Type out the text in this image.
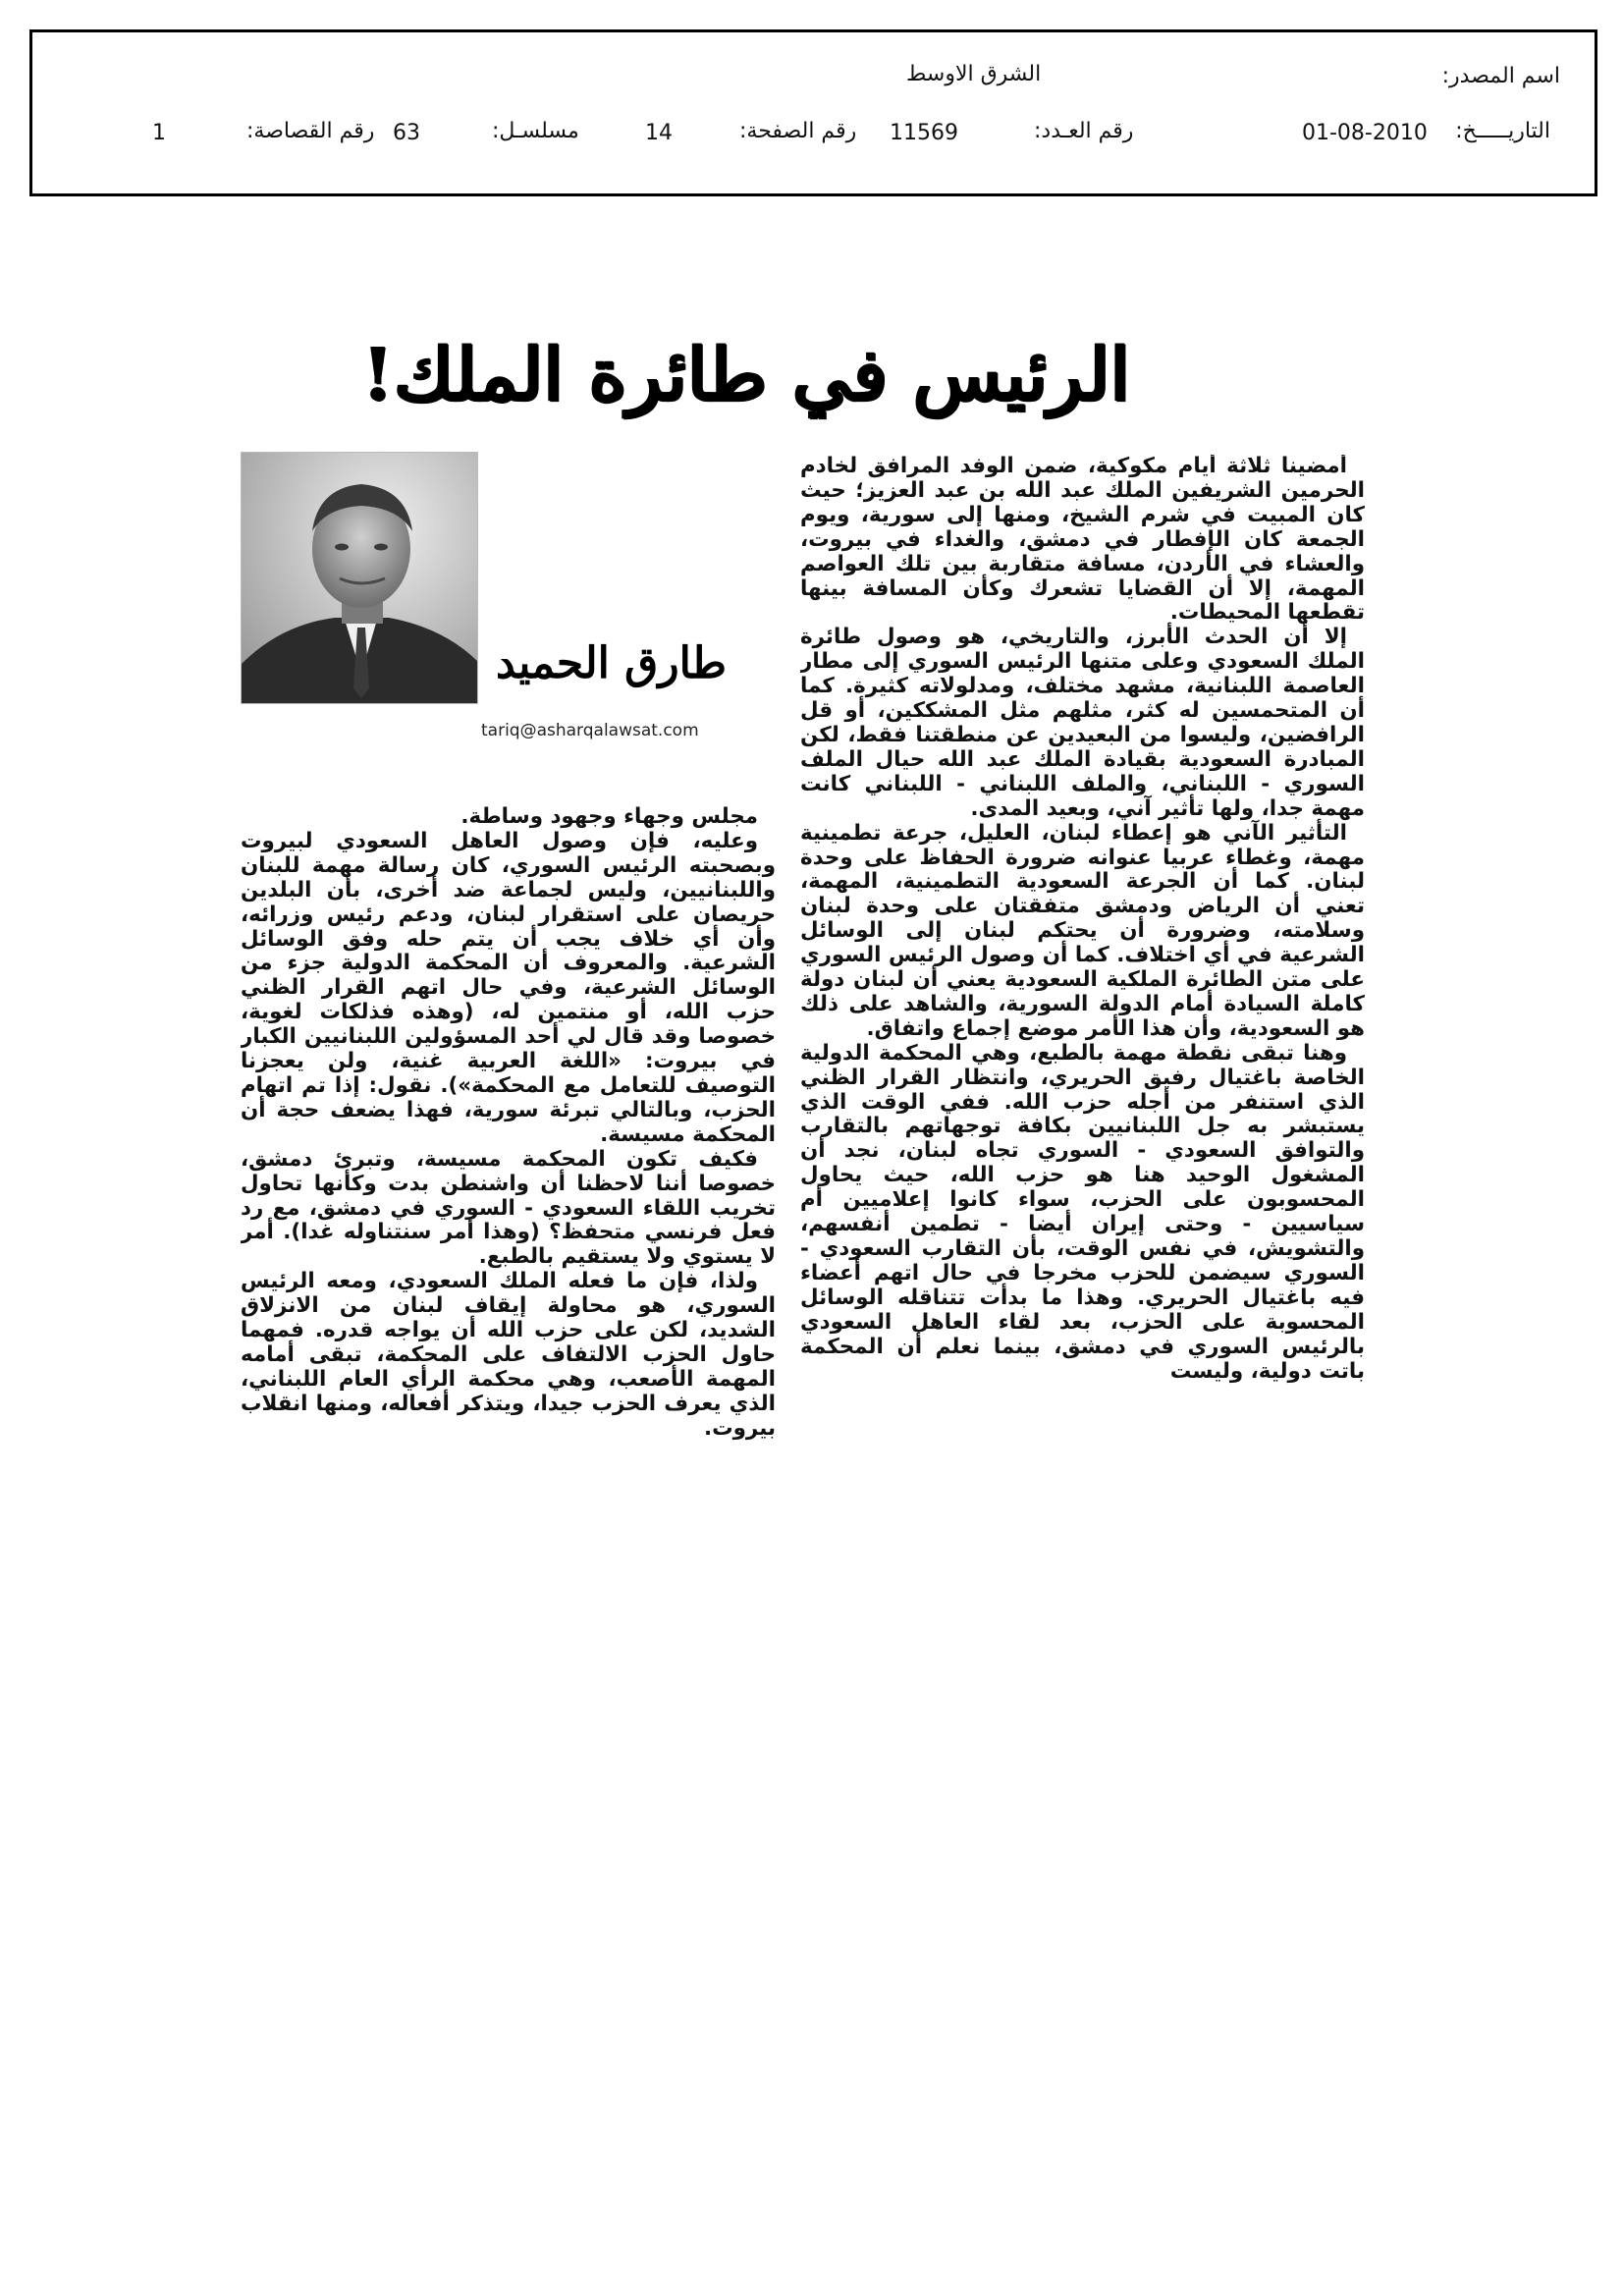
اسم المصدر:
الشرق الاوسط
التاريـــــخ:
01-08-2010
رقم العـدد:
11569
رقم الصفحة:
14
مسلسـل:
63
رقم القصاصة:
1
الرئيس في طائرة الملك!
طارق الحميد
tariq@asharqalawsat.com

أمضينا ثلاثة أيام مكوكية، ضمن الوفد المرافق لخادم الحرمين الشريفين الملك عبد الله بن عبد العزيز؛ حيث كان المبيت في شرم الشيخ، ومنها إلى سورية، ويوم الجمعة كان الإفطار في دمشق، والغداء في بيروت، والعشاء في الأردن، مسافة متقاربة بين تلك العواصم المهمة، إلا أن القضايا تشعرك وكأن المسافة بينها تقطعها المحيطات.

إلا أن الحدث الأبرز، والتاريخي، هو وصول طائرة الملك السعودي وعلى متنها الرئيس السوري إلى مطار العاصمة اللبنانية، مشهد مختلف، ومدلولاته كثيرة. كما أن المتحمسين له كثر، مثلهم مثل المشككين، أو قل الرافضين، وليسوا من البعيدين عن منطقتنا فقط، لكن المبادرة السعودية بقيادة الملك عبد الله حيال الملف السوري - اللبناني، والملف اللبناني - اللبناني كانت مهمة جدا، ولها تأثير آني، وبعيد المدى.

التأثير الآني هو إعطاء لبنان، العليل، جرعة تطمينية مهمة، وغطاء عربيا عنوانه ضرورة الحفاظ على وحدة لبنان. كما أن الجرعة السعودية التطمينية، المهمة، تعني أن الرياض ودمشق متفقتان على وحدة لبنان وسلامته، وضرورة أن يحتكم لبنان إلى الوسائل الشرعية في أي اختلاف. كما أن وصول الرئيس السوري على متن الطائرة الملكية السعودية يعني أن لبنان دولة كاملة السيادة أمام الدولة السورية، والشاهد على ذلك هو السعودية، وأن هذا الأمر موضع إجماع واتفاق.

وهنا تبقى نقطة مهمة بالطبع، وهي المحكمة الدولية الخاصة باغتيال رفيق الحريري، وانتظار القرار الظني الذي استنفر من أجله حزب الله. ففي الوقت الذي يستبشر به جل اللبنانيين بكافة توجهاتهم بالتقارب والتوافق السعودي - السوري تجاه لبنان، نجد أن المشغول الوحيد هنا هو حزب الله، حيث يحاول المحسوبون على الحزب، سواء كانوا إعلاميين أم سياسيين - وحتى إيران أيضا - تطمين أنفسهم، والتشويش، في نفس الوقت، بأن التقارب السعودي - السوري سيضمن للحزب مخرجا في حال اتهم أعضاء فيه باغتيال الحريري. وهذا ما بدأت تتناقله الوسائل المحسوبة على الحزب، بعد لقاء العاهل السعودي بالرئيس السوري في دمشق، بينما نعلم أن المحكمة باتت دولية، وليست

مجلس وجهاء وجهود وساطة.

وعليه، فإن وصول العاهل السعودي لبيروت وبصحبته الرئيس السوري، كان رسالة مهمة للبنان واللبنانيين، وليس لجماعة ضد أخرى، بأن البلدين حريصان على استقرار لبنان، ودعم رئيس وزرائه، وأن أي خلاف يجب أن يتم حله وفق الوسائل الشرعية. والمعروف أن المحكمة الدولية جزء من الوسائل الشرعية، وفي حال اتهم القرار الظني حزب الله، أو منتمين له، (وهذه فذلكات لغوية، خصوصا وقد قال لي أحد المسؤولين اللبنانيين الكبار في بيروت: «اللغة العربية غنية، ولن يعجزنا التوصيف للتعامل مع المحكمة»). نقول: إذا تم اتهام الحزب، وبالتالي تبرئة سورية، فهذا يضعف حجة أن المحكمة مسيسة.

فكيف تكون المحكمة مسيسة، وتبرئ دمشق، خصوصا أننا لاحظنا أن واشنطن بدت وكأنها تحاول تخريب اللقاء السعودي - السوري في دمشق، مع رد فعل فرنسي متحفظ؟ (وهذا أمر سنتناوله غدا). أمر لا يستوي ولا يستقيم بالطبع.

ولذا، فإن ما فعله الملك السعودي، ومعه الرئيس السوري، هو محاولة إيقاف لبنان من الانزلاق الشديد، لكن على حزب الله أن يواجه قدره. فمهما حاول الحزب الالتفاف على المحكمة، تبقى أمامه المهمة الأصعب، وهي محكمة الرأي العام اللبناني، الذي يعرف الحزب جيدا، ويتذكر أفعاله، ومنها انقلاب بيروت.
